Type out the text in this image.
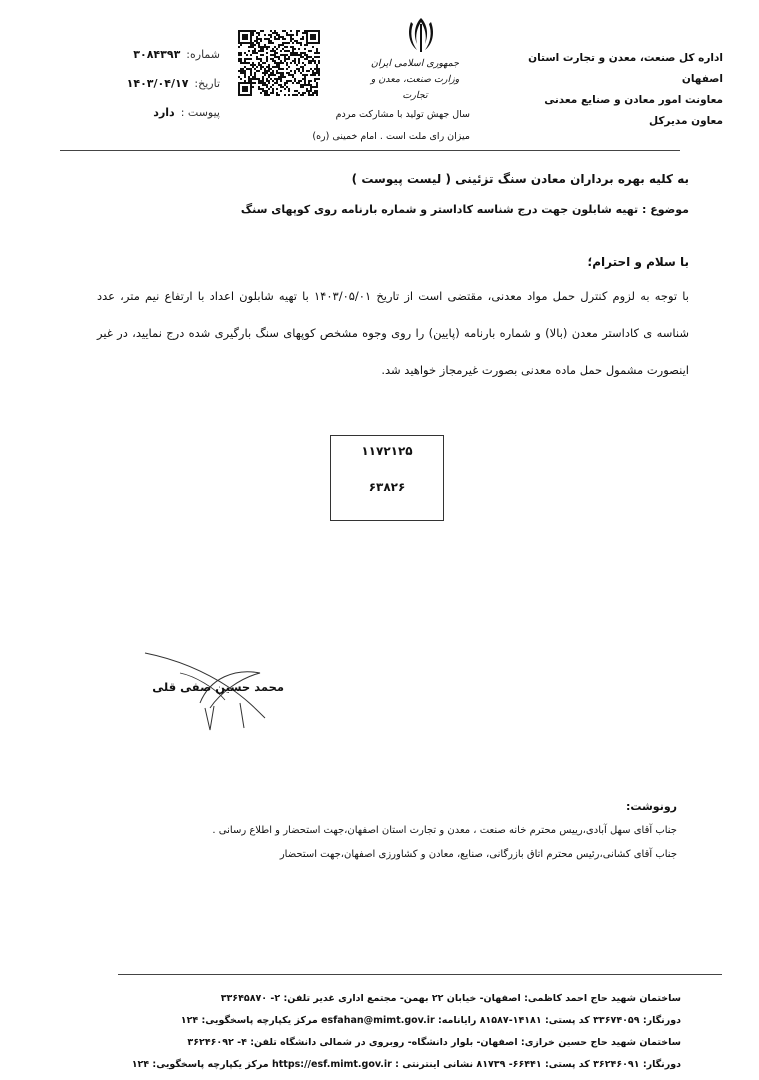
اداره کل صنعت، معدن و تجارت استان اصفهان
معاونت امور معادن و صنایع معدنی
معاون مدیرکل
جمهوری اسلامی ایران
وزارت صنعت، معدن و تجارت
سال جهش تولید با مشارکت مردم
میزان رای ملت است . امام خمینی (ره)
شماره:
۳۰۸۴۳۹۳
تاریخ:
۱۴۰۳/۰۴/۱۷
پیوست :
دارد
به کلیه بهره برداران معادن سنگ تزئینی ( لیست پیوست )
موضوع : تهیه شابلون جهت درج شناسه کاداستر و شماره بارنامه روی کوپهای سنگ
با سلام و احترام؛

با توجه به لزوم کنترل حمل مواد معدنی، مقتضی است از تاریخ ۱۴۰۳/۰۵/۰۱ با تهیه شابلون اعداد با ارتفاع نیم متر، عدد شناسه ی کاداستر معدن (بالا) و شماره بارنامه (پایین) را روی وجوه مشخص کوپهای سنگ بارگیری شده درج نمایید، در غیر اینصورت مشمول حمل ماده معدنی بصورت غیرمجاز خواهید شد.

۱۱۷۲۱۲۵
۶۳۸۲۶
محمد حسین صفی قلی
رونوشت:
جناب آقای سهل آبادی،رییس محترم خانه صنعت ، معدن و تجارت استان اصفهان،جهت استحضار و اطلاع رسانی .
جناب آقای کشانی،رئیس محترم اتاق بازرگانی، صنایع، معادن و کشاورزی اصفهان،جهت استحضار
ساختمان شهید حاج احمد کاظمی: اصفهان- خیابان ۲۲ بهمن- مجتمع اداری غدیر تلفن: ۲- ۳۳۶۴۵۸۷۰
دورنگار: ۳۳۶۷۴۰۵۹ کد پستی: ۱۴۱۸۱-۸۱۵۸۷ رایانامه: esfahan@mimt.gov.ir مرکز یکپارچه پاسخگویی: ۱۲۴
ساختمان شهید حاج حسین خرازی: اصفهان- بلوار دانشگاه- روبروی در شمالی دانشگاه تلفن: ۴- ۳۶۲۴۶۰۹۲
دورنگار: ۳۶۲۴۶۰۹۱ کد پستی: ۶۶۴۴۱- ۸۱۷۳۹ نشانی اینترنتی : https://esf.mimt.gov.ir مرکز یکپارچه پاسخگویی: ۱۲۴
